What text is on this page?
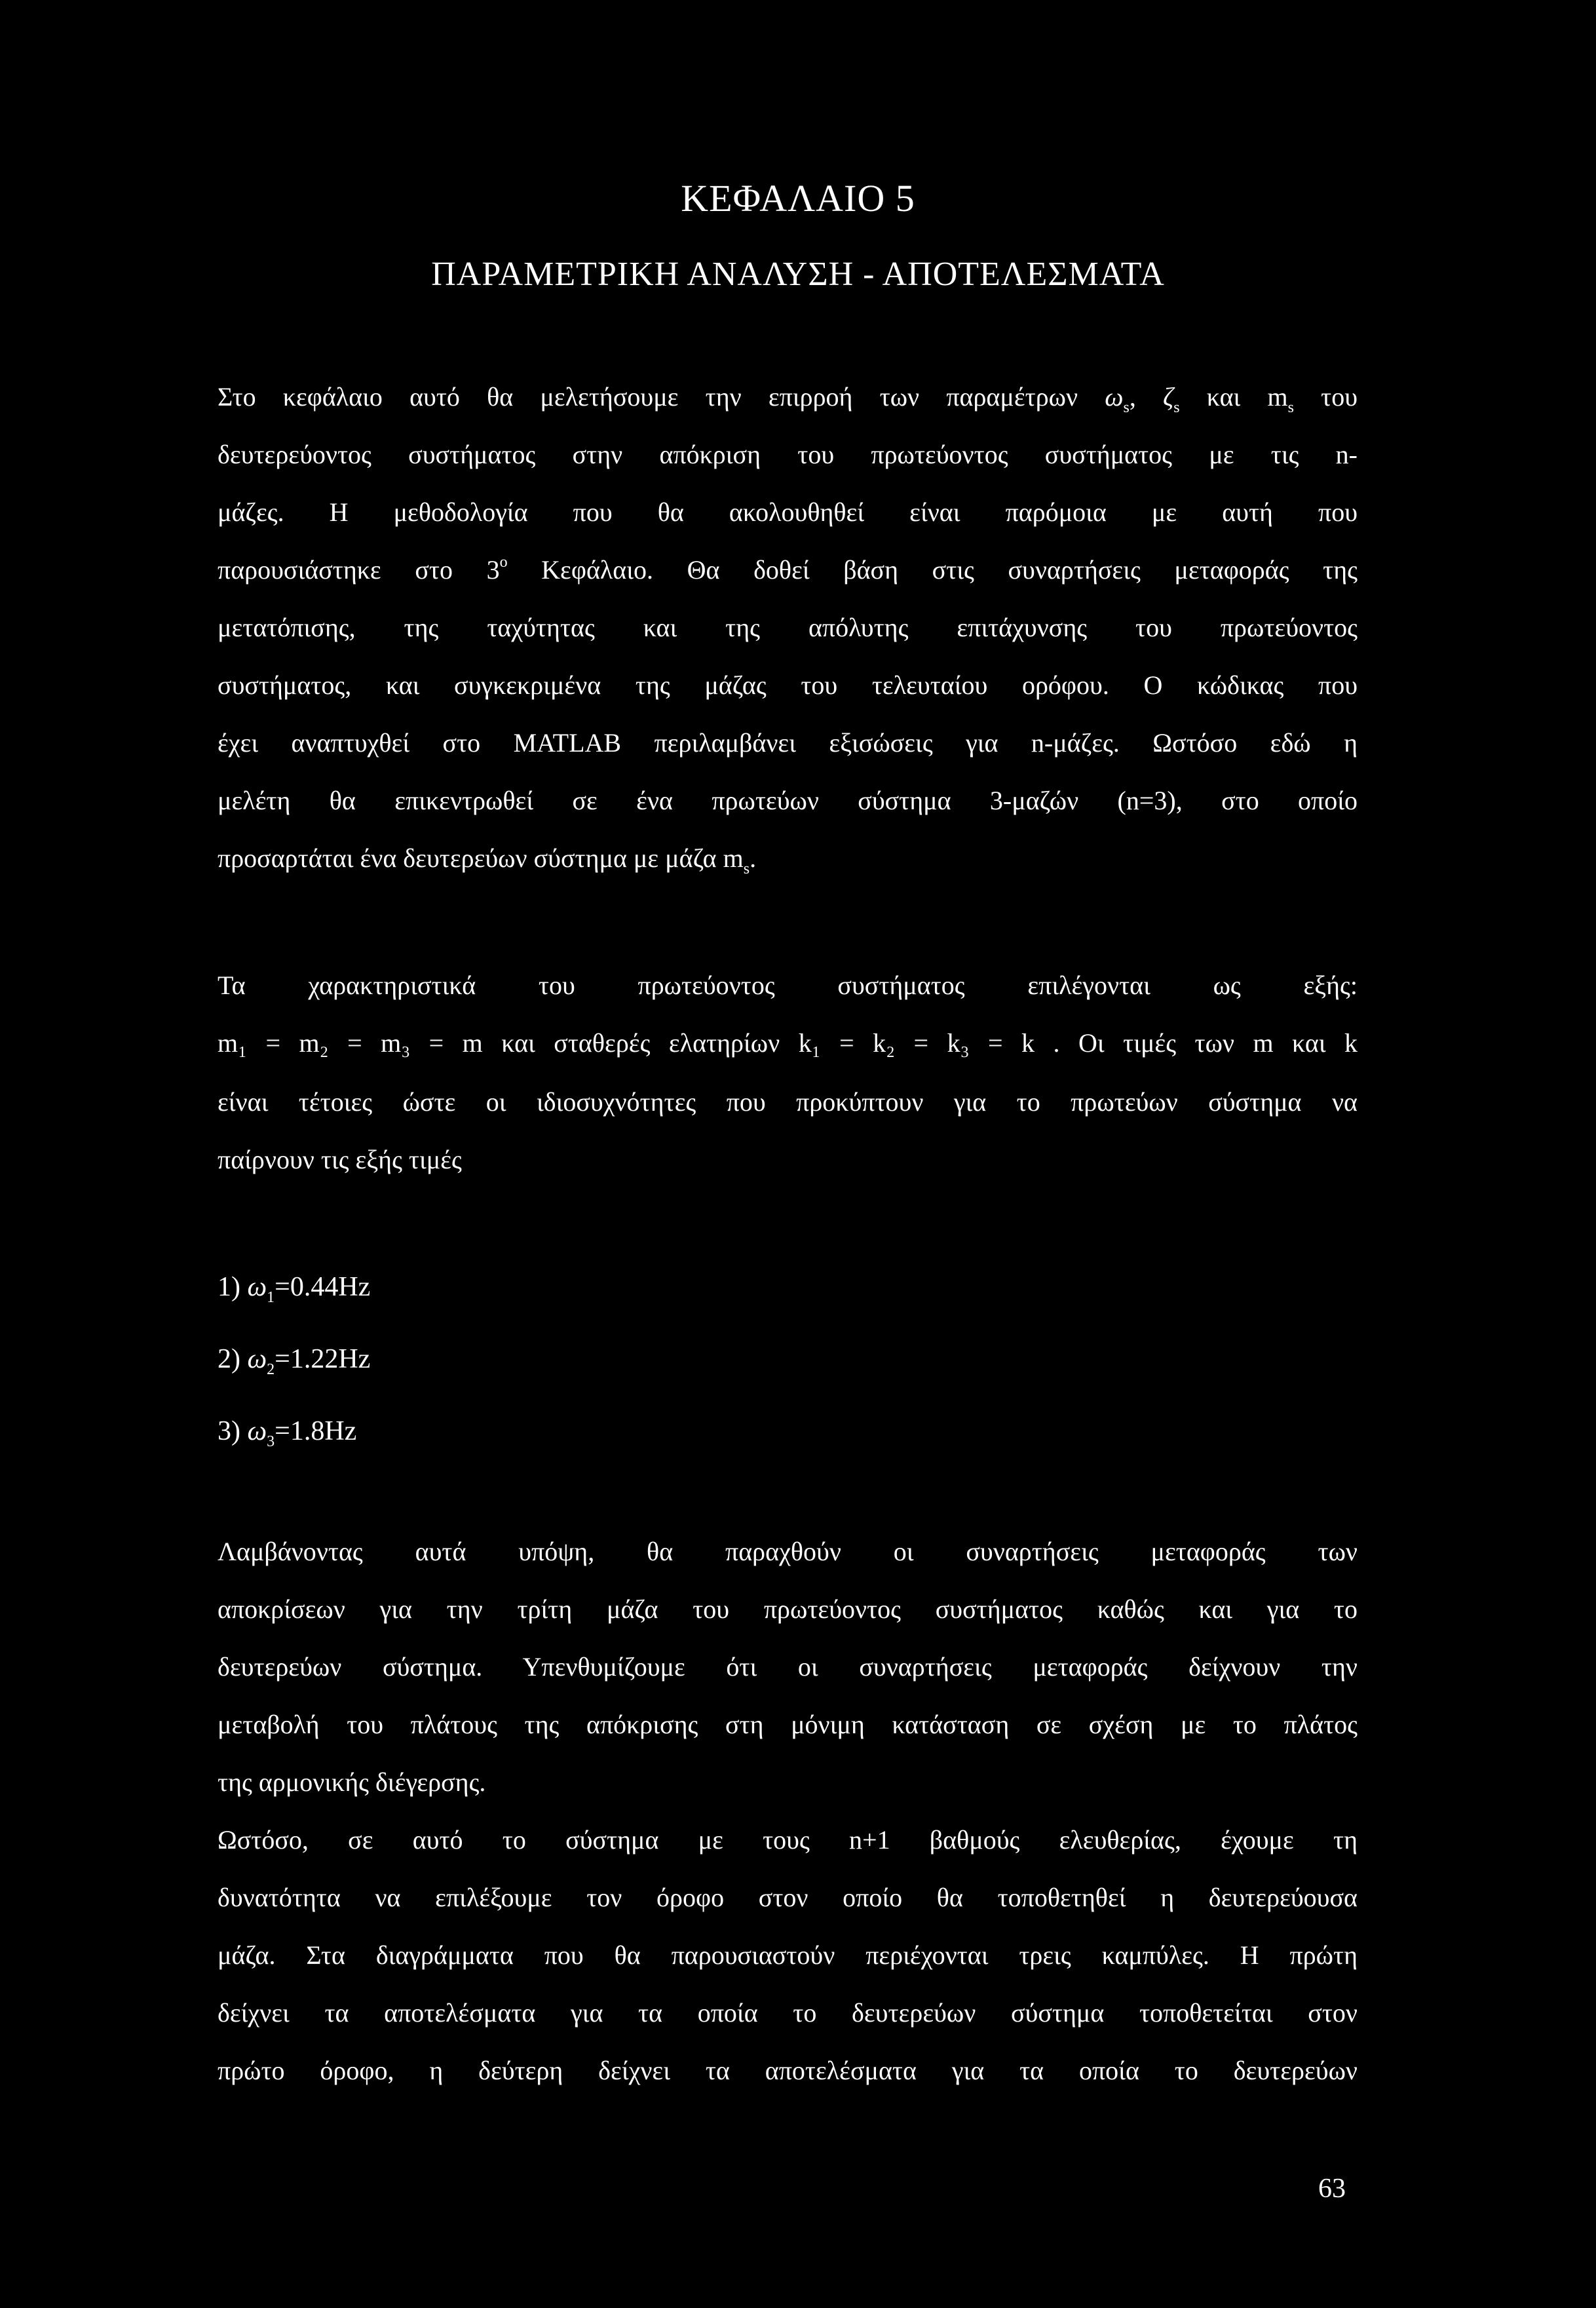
ΚΕΦΑΛΑΙΟ 5
ΠΑΡΑΜΕΤΡΙΚΗ ΑΝΑΛΥΣΗ - ΑΠΟΤΕΛΕΣΜΑΤΑ
Στο κεφάλαιο αυτό θα μελετήσουμε την επιρροή των παραμέτρων $\omega_s$, $\zeta_s$ και $m_s$ του
δευτερεύοντος συστήματος στην απόκριση του πρωτεύοντος συστήματος με τις n-
μάζες. Η μεθοδολογία που θα ακολουθηθεί είναι παρόμοια με αυτή που
παρουσιάστηκε στο $3^o$ Κεφάλαιο. Θα δοθεί βάση στις συναρτήσεις μεταφοράς της
μετατόπισης, της ταχύτητας και της απόλυτης επιτάχυνσης του πρωτεύοντος
συστήματος, και συγκεκριμένα της μάζας του τελευταίου ορόφου. Ο κώδικας που
έχει αναπτυχθεί στο MATLAB περιλαμβάνει εξισώσεις για n-μάζες. Ωστόσο εδώ η
μελέτη θα επικεντρωθεί σε ένα πρωτεύων σύστημα 3-μαζών (n=3), στο οποίο
προσαρτάται ένα δευτερεύων σύστημα με μάζα $m_s$.
Τα χαρακτηριστικά του πρωτεύοντος συστήματος επιλέγονται ως εξής:
m₁ = m₂ = m₃ = m και σταθερές ελατηρίων k₁ = k₂ = k₃ = k . Οι τιμές των m και k
είναι τέτοιες ώστε οι ιδιοσυχνότητες που προκύπτουν για το πρωτεύων σύστημα να
παίρνουν τις εξής τιμές
1) $\omega_1=0.44Hz$
2) $\omega_2=1.22Hz$
3) $\omega_3=1.8Hz$
Λαμβάνοντας αυτά υπόψη, θα παραχθούν οι συναρτήσεις μεταφοράς των
αποκρίσεων για την τρίτη μάζα του πρωτεύοντος συστήματος καθώς και για το
δευτερεύων σύστημα. Υπενθυμίζουμε ότι οι συναρτήσεις μεταφοράς δείχνουν την
μεταβολή του πλάτους της απόκρισης στη μόνιμη κατάσταση σε σχέση με το πλάτος
της αρμονικής διέγερσης.
Ωστόσο, σε αυτό το σύστημα με τους n+1 βαθμούς ελευθερίας, έχουμε τη
δυνατότητα να επιλέξουμε τον όροφο στον οποίο θα τοποθετηθεί η δευτερεύουσα
μάζα. Στα διαγράμματα που θα παρουσιαστούν περιέχονται τρεις καμπύλες. Η πρώτη
δείχνει τα αποτελέσματα για τα οποία το δευτερεύων σύστημα τοποθετείται στον
πρώτο όροφο, η δεύτερη δείχνει τα αποτελέσματα για τα οποία το δευτερεύων
63
